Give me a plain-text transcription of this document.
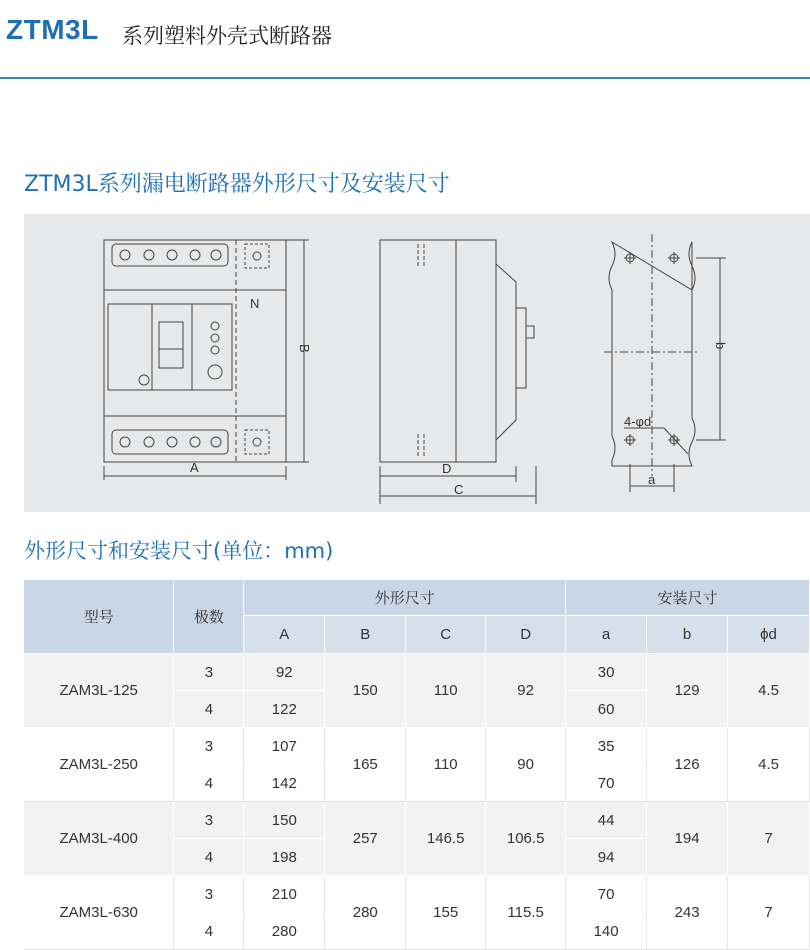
ZTM3L 系列塑料外壳式断路器
ZTM3L系列漏电断路器外形尺寸及安装尺寸
A
B
N
D
C
a
b
4-φd
外形尺寸和安装尺寸(单位：mm)
型号	极数	外形尺寸				安装尺寸		
		A	B	C	D	a	b	ϕd
ZAM3L-125	3	92	150	110	92	30	129	4.5
	4	122				60		
ZAM3L-250	3	107	165	110	90	35	126	4.5
	4	142				70		
ZAM3L-400	3	150	257	146.5	106.5	44	194	7
	4	198				94		
ZAM3L-630	3	210	280	155	115.5	70	243	7
	4	280				140		
